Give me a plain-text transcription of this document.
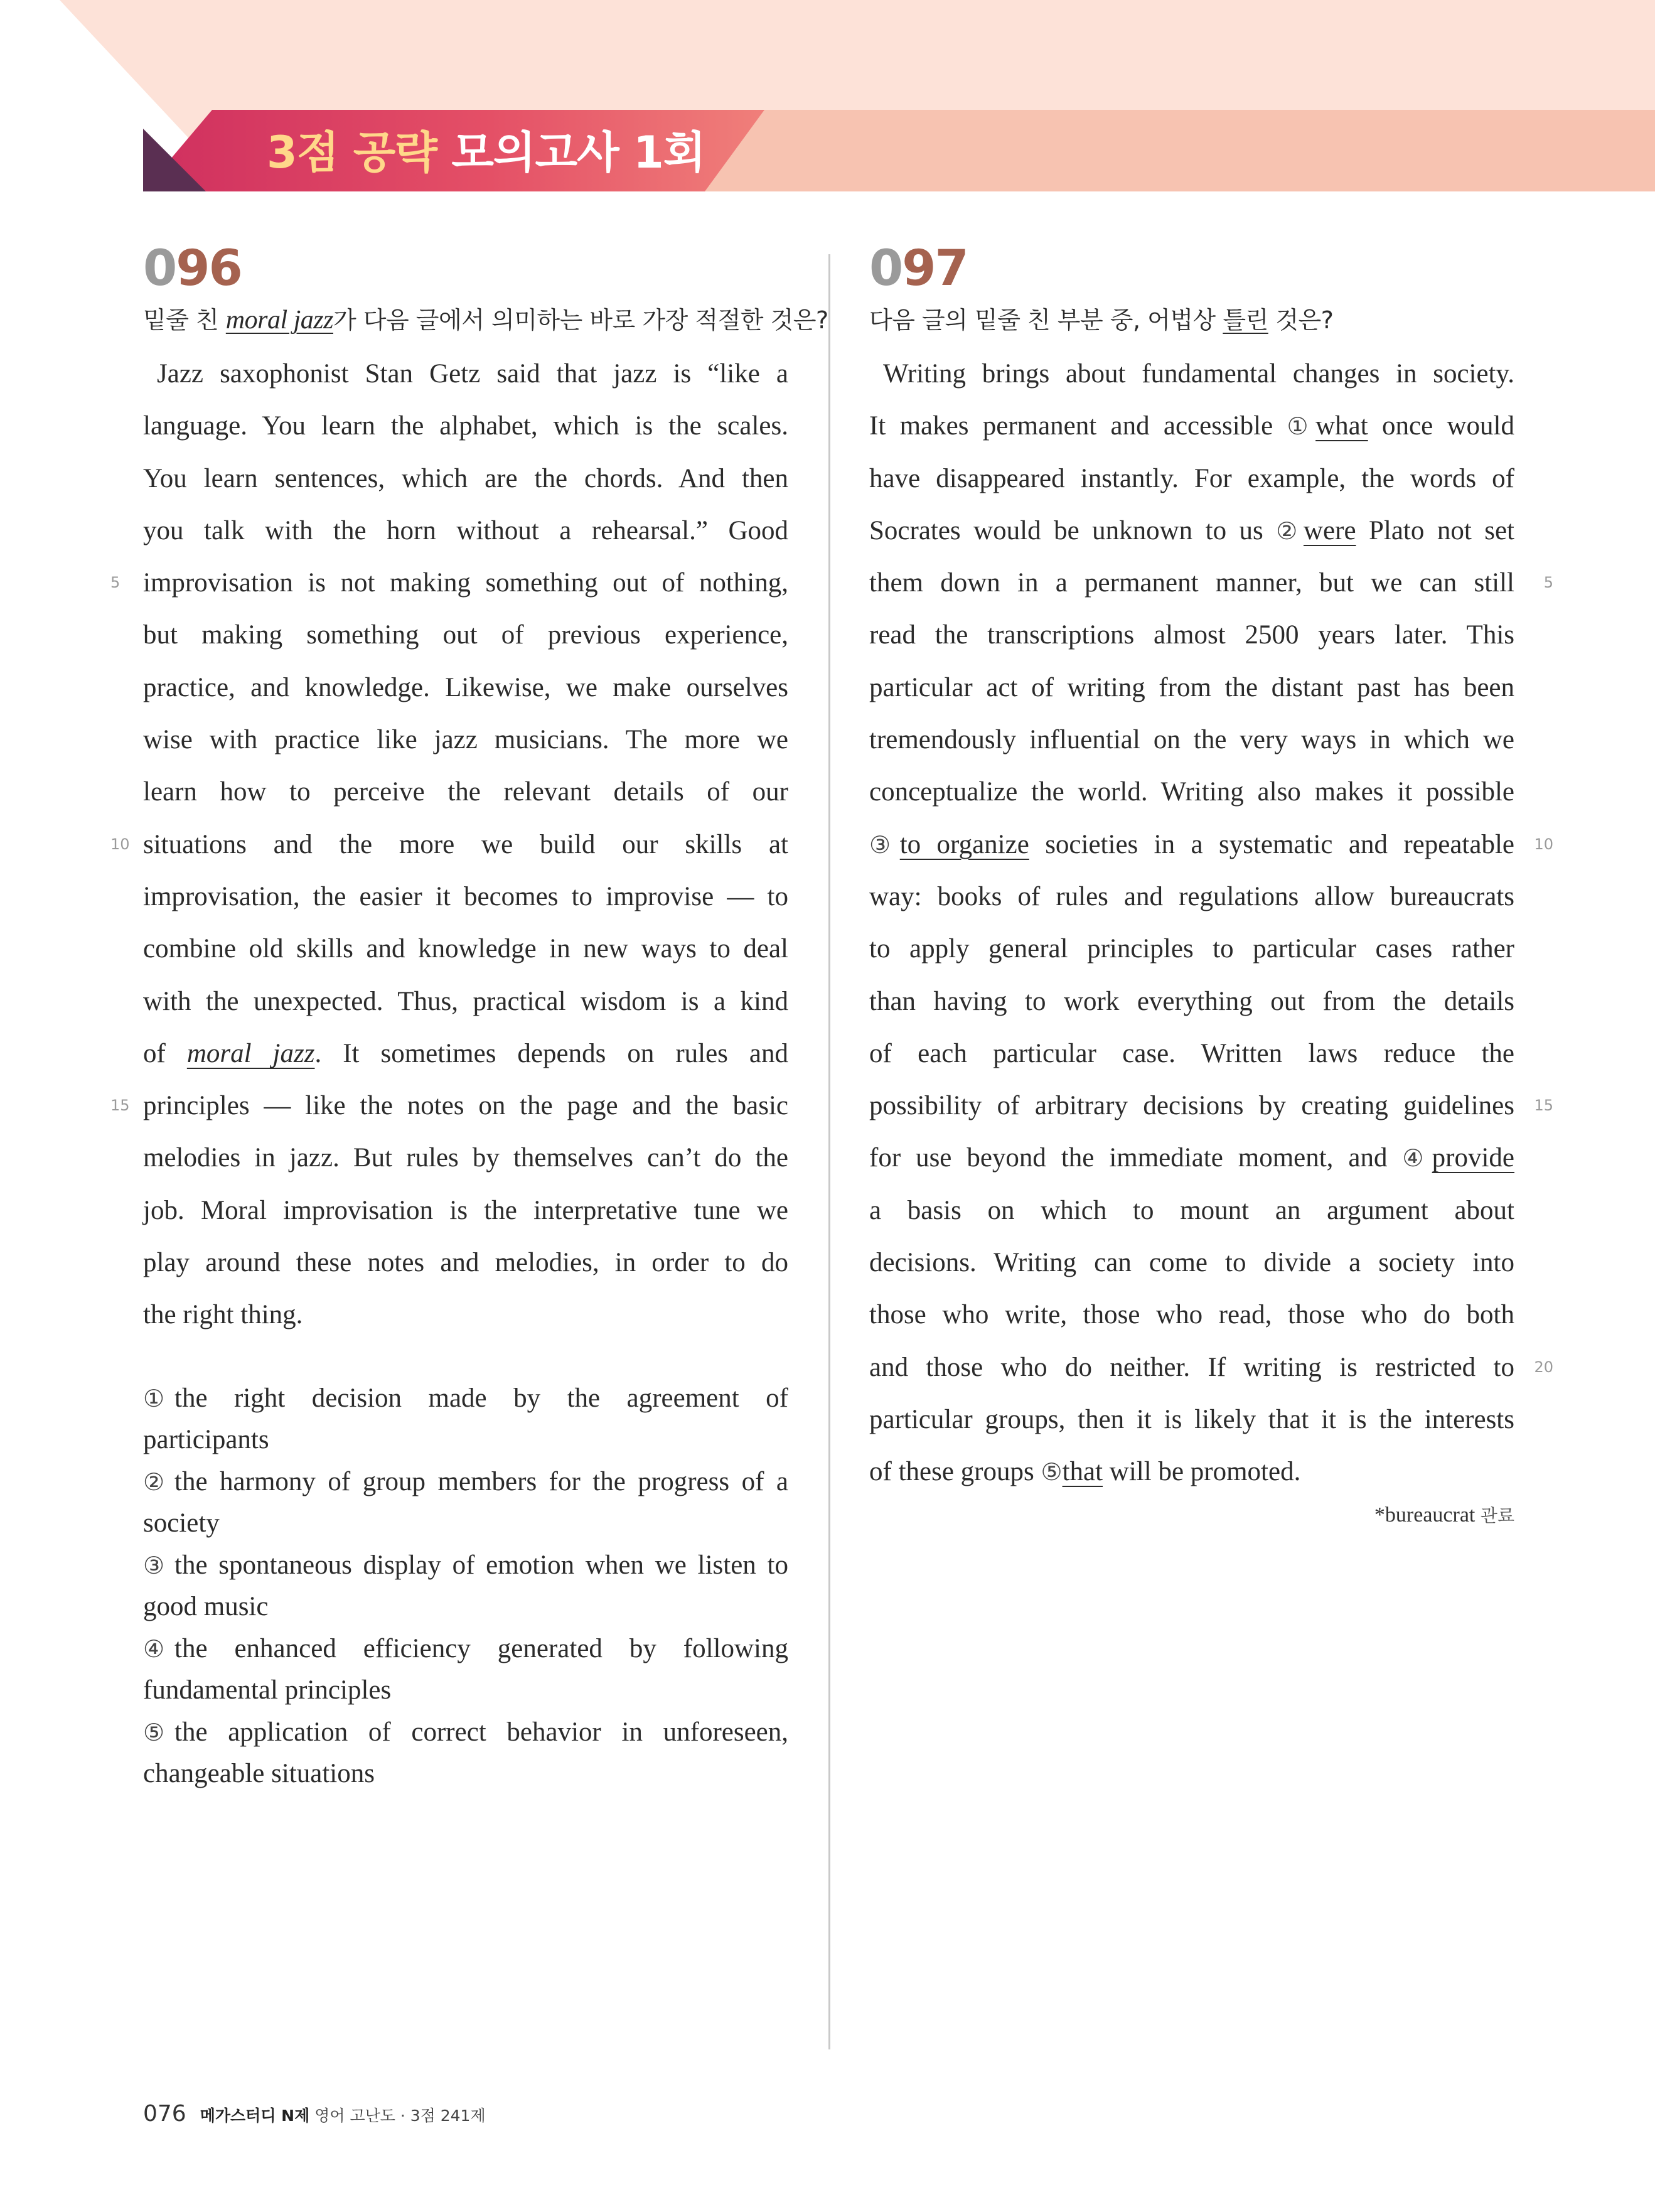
3점 공략 모의고사 1회
096
밑줄 친 moral jazz가 다음 글에서 의미하는 바로 가장 적절한 것은?
Jazz saxophonist Stan Getz said that jazz is “like a
language. You learn the alphabet, which is the scales.
You learn sentences, which are the chords. And then
you talk with the horn without a rehearsal.” Good
5 improvisation is not making something out of nothing,
but making something out of previous experience,
practice, and knowledge. Likewise, we make ourselves
wise with practice like jazz musicians. The more we
learn how to perceive the relevant details of our
10 situations and the more we build our skills at
improvisation, the easier it becomes to improvise — to
combine old skills and knowledge in new ways to deal
with the unexpected. Thus, practical wisdom is a kind
of moral jazz. It sometimes depends on rules and
15 principles — like the notes on the page and the basic
melodies in jazz. But rules by themselves can’t do the
job. Moral improvisation is the interpretative tune we
play around these notes and melodies, in order to do
the right thing.
① the right decision made by the agreement of
participants
② the harmony of group members for the progress of a
society
③ the spontaneous display of emotion when we listen to
good music
④ the enhanced efficiency generated by following
fundamental principles
⑤ the application of correct behavior in unforeseen,
changeable situations
097
다음 글의 밑줄 친 부분 중, 어법상 틀린 것은?
Writing brings about fundamental changes in society.
It makes permanent and accessible ①what once would
have disappeared instantly. For example, the words of
Socrates would be unknown to us ②were Plato not set
them down in a permanent manner, but we can still 5
read the transcriptions almost 2500 years later. This
particular act of writing from the distant past has been
tremendously influential on the very ways in which we
conceptualize the world. Writing also makes it possible
③to organize societies in a systematic and repeatable 10
way: books of rules and regulations allow bureaucrats
to apply general principles to particular cases rather
than having to work everything out from the details
of each particular case. Written laws reduce the
possibility of arbitrary decisions by creating guidelines 15
for use beyond the immediate moment, and ④provide
a basis on which to mount an argument about
decisions. Writing can come to divide a society into
those who write, those who read, those who do both
and those who do neither. If writing is restricted to 20
particular groups, then it is likely that it is the interests
of these groups ⑤that will be promoted.
*bureaucrat 관료
076 메가스터디 N제 영어 고난도 · 3점 241제
